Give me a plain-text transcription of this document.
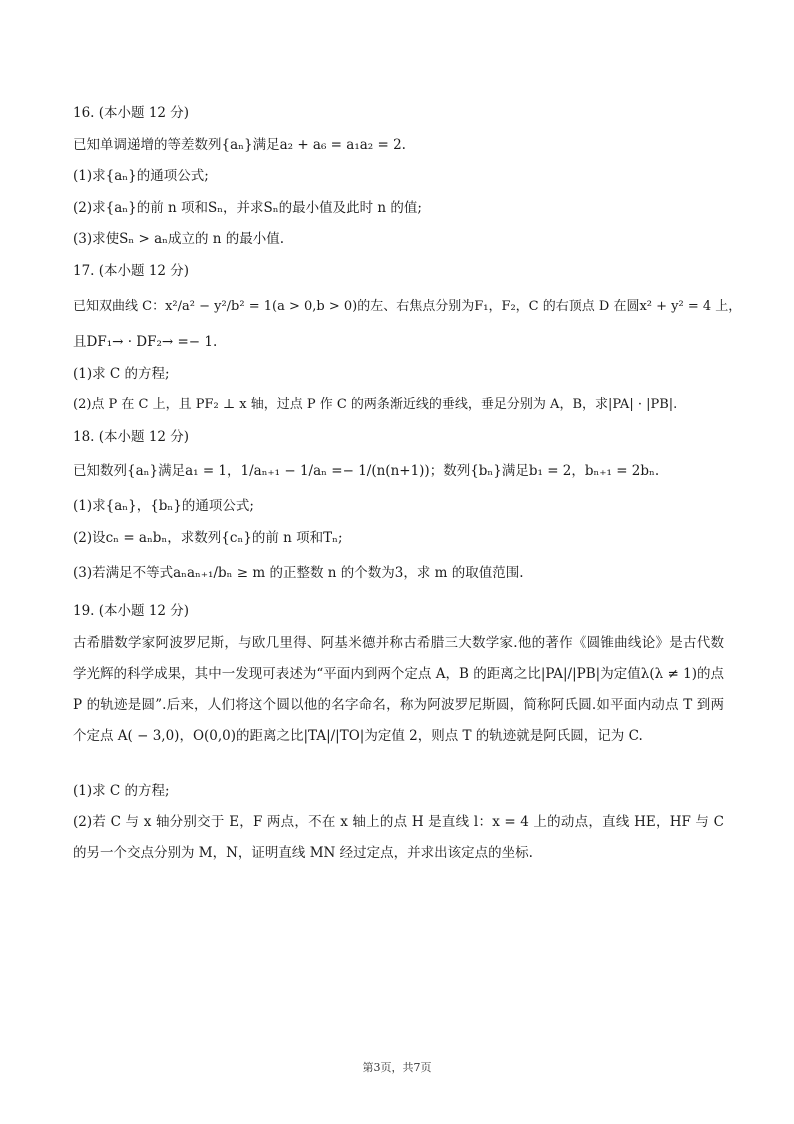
16. (本小题 12 分)
已知单调递增的等差数列{aₙ}满足a₂ + a₆ = a₁a₂ = 2.
(1)求{aₙ}的通项公式;
(2)求{aₙ}的前 n 项和Sₙ，并求Sₙ的最小值及此时 n 的值;
(3)求使Sₙ > aₙ成立的 n 的最小值.
17. (本小题 12 分)
已知双曲线 C：x²/a² − y²/b² = 1(a > 0,b > 0)的左、右焦点分别为F₁，F₂，C 的右顶点 D 在圆x² + y² = 4 上，
且DF₁→ · DF₂→ =− 1.
(1)求 C 的方程;
(2)点 P 在 C 上，且 PF₂ ⊥ x 轴，过点 P 作 C 的两条渐近线的垂线，垂足分别为 A，B，求|PA| · |PB|.
18. (本小题 12 分)
已知数列{aₙ}满足a₁ = 1，1/aₙ₊₁ − 1/aₙ =− 1/(n(n+1))；数列{bₙ}满足b₁ = 2，bₙ₊₁ = 2bₙ.
(1)求{aₙ}，{bₙ}的通项公式;
(2)设cₙ = aₙbₙ，求数列{cₙ}的前 n 项和Tₙ;
(3)若满足不等式aₙaₙ₊₁/bₙ ≥ m 的正整数 n 的个数为3，求 m 的取值范围.
19. (本小题 12 分)
古希腊数学家阿波罗尼斯，与欧几里得、阿基米德并称古希腊三大数学家.他的著作《圆锥曲线论》是古代数学光辉的科学成果，其中一发现可表述为“平面内到两个定点 A，B 的距离之比|PA|/|PB|为定值λ(λ ≠ 1)的点 P 的轨迹是圆”.后来，人们将这个圆以他的名字命名，称为阿波罗尼斯圆，简称阿氏圆.如平面内动点 T 到两个定点 A( − 3,0)，O(0,0)的距离之比|TA|/|TO|为定值 2，则点 T 的轨迹就是阿氏圆，记为 C.
(1)求 C 的方程;
(2)若 C 与 x 轴分别交于 E，F 两点，不在 x 轴上的点 H 是直线 l：x = 4 上的动点，直线 HE，HF 与 C 的另一个交点分别为 M，N，证明直线 MN 经过定点，并求出该定点的坐标.
第3页，共7页
